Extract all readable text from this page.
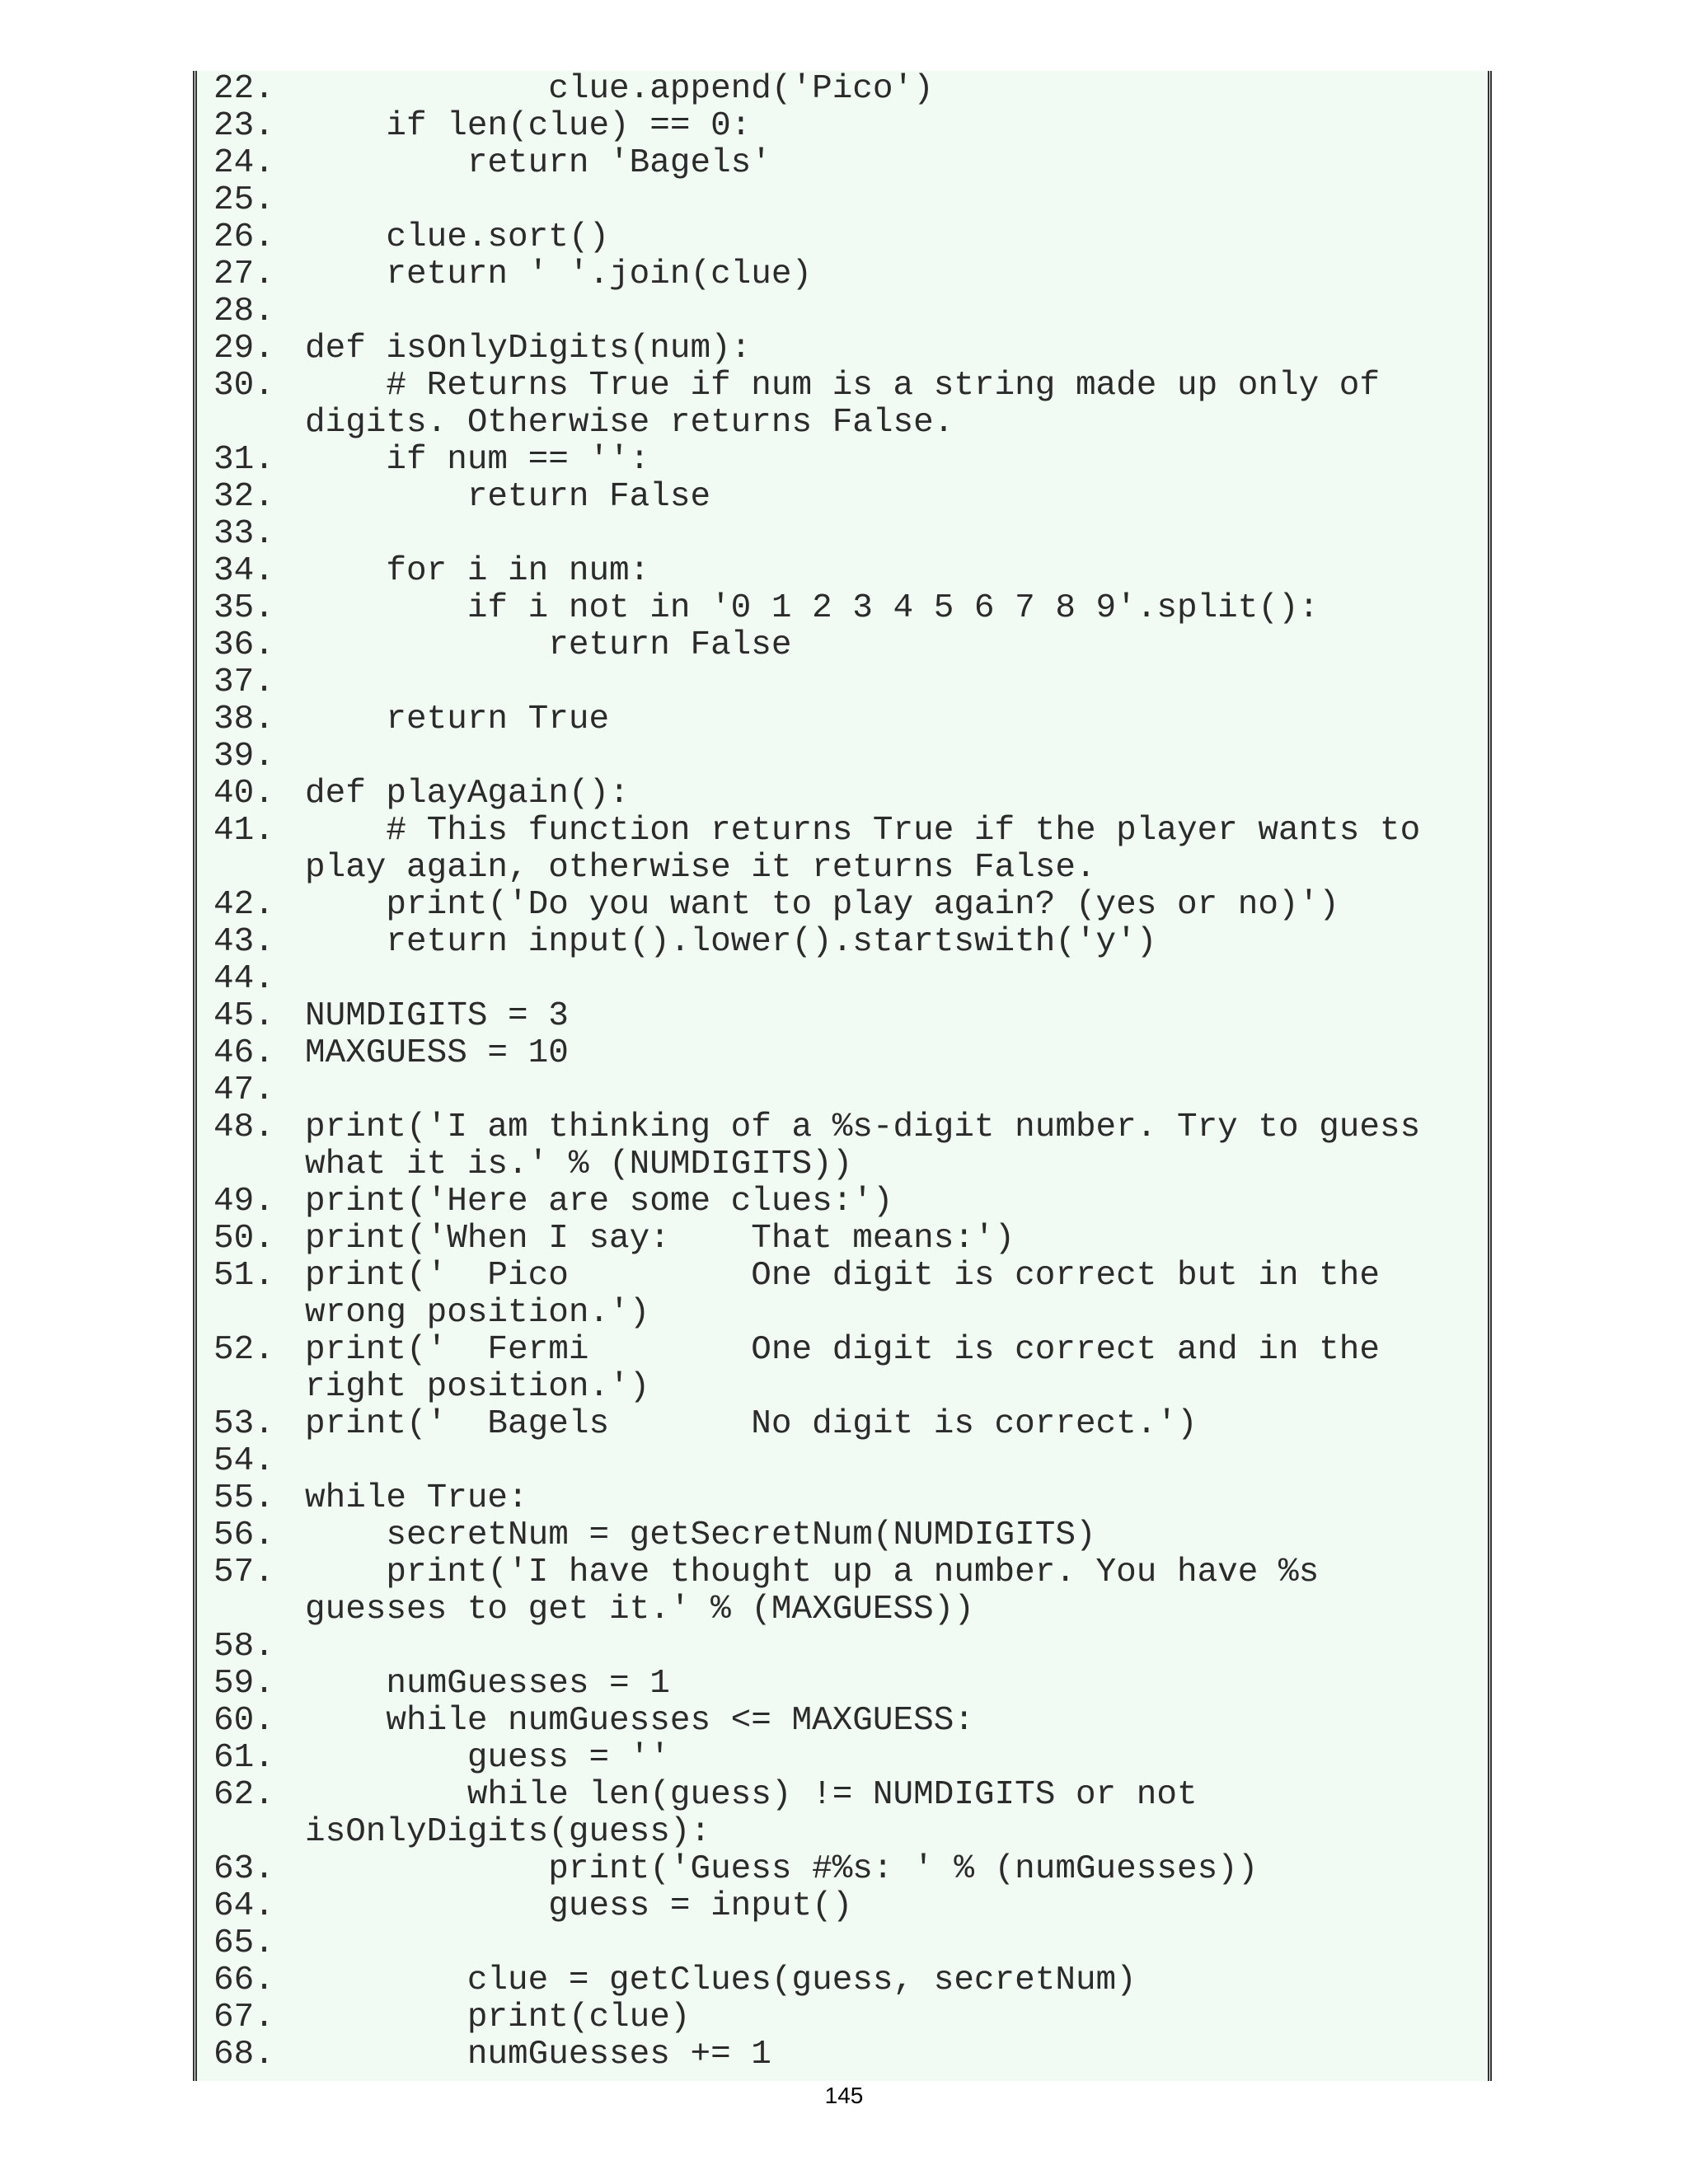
22.            clue.append('Pico')
23.    if len(clue) == 0:
24.        return 'Bagels'
25.
26.    clue.sort()
27.    return ' '.join(clue)
28.
29. def isOnlyDigits(num):
30.    # Returns True if num is a string made up only of
digits. Otherwise returns False.
31.    if num == '':
32.        return False
33.
34.    for i in num:
35.        if i not in '0 1 2 3 4 5 6 7 8 9'.split():
36.            return False
37.
38.    return True
39.
40. def playAgain():
41.    # This function returns True if the player wants to
play again, otherwise it returns False.
42.    print('Do you want to play again? (yes or no)')
43.    return input().lower().startswith('y')
44.
45. NUMDIGITS = 3
46. MAXGUESS = 10
47.
48. print('I am thinking of a %s-digit number. Try to guess
what it is.' % (NUMDIGITS))
49. print('Here are some clues:')
50. print('When I say:    That means:')
51. print('  Pico         One digit is correct but in the
wrong position.')
52. print('  Fermi        One digit is correct and in the
right position.')
53. print('  Bagels       No digit is correct.')
54.
55. while True:
56.    secretNum = getSecretNum(NUMDIGITS)
57.    print('I have thought up a number. You have %s
guesses to get it.' % (MAXGUESS))
58.
59.    numGuesses = 1
60.    while numGuesses <= MAXGUESS:
61.        guess = ''
62.        while len(guess) != NUMDIGITS or not
isOnlyDigits(guess):
63.            print('Guess #%s: ' % (numGuesses))
64.            guess = input()
65.
66.        clue = getClues(guess, secretNum)
67.        print(clue)
68.        numGuesses += 1
145
